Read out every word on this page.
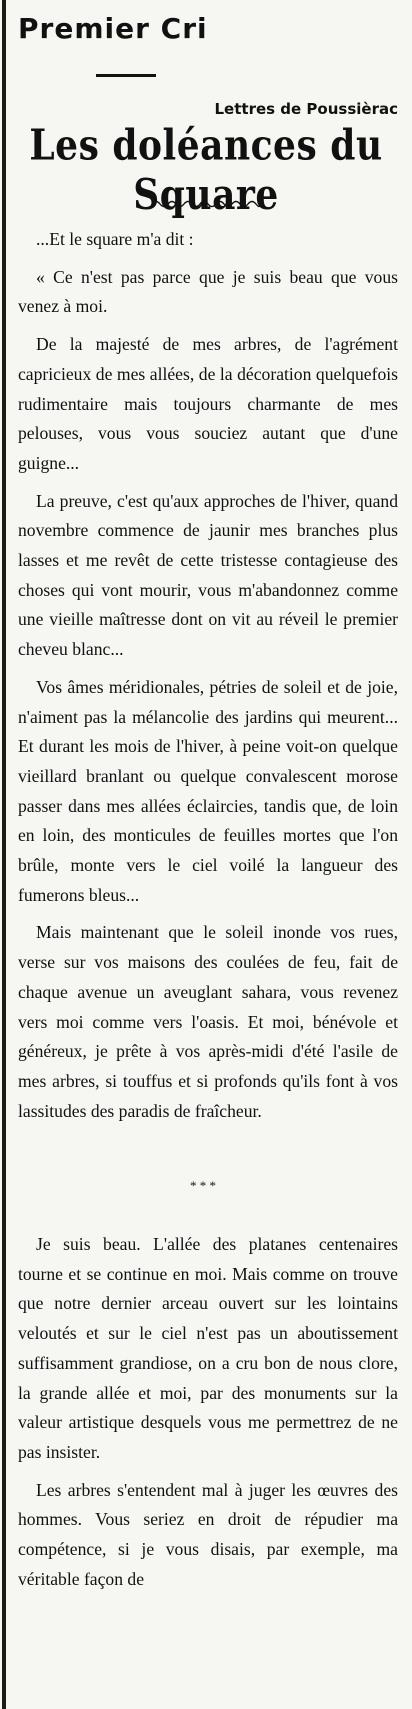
Premier Cri
Lettres de Poussièrac
Les doléances du Square

...Et le square m'a dit :

« Ce n'est pas parce que je suis beau que vous venez à moi.

De la majesté de mes arbres, de l'agrément capricieux de mes allées, de la décoration quelquefois rudimentaire mais toujours charmante de mes pelouses, vous vous souciez autant que d'une guigne...

La preuve, c'est qu'aux approches de l'hiver, quand novembre commence de jaunir mes branches plus lasses et me revêt de cette tristesse contagieuse des choses qui vont mourir, vous m'abandonnez comme une vieille maîtresse dont on vit au réveil le premier cheveu blanc...

Vos âmes méridionales, pétries de soleil et de joie, n'aiment pas la mélancolie des jardins qui meurent... Et durant les mois de l'hiver, à peine voit-on quelque vieillard branlant ou quelque convalescent morose passer dans mes allées éclaircies, tandis que, de loin en loin, des monticules de feuilles mortes que l'on brûle, monte vers le ciel voilé la langueur des fumerons bleus...

Mais maintenant que le soleil inonde vos rues, verse sur vos maisons des coulées de feu, fait de chaque avenue un aveuglant sahara, vous revenez vers moi comme vers l'oasis. Et moi, bénévole et généreux, je prête à vos après-midi d'été l'asile de mes arbres, si touffus et si profonds qu'ils font à vos lassitudes des paradis de fraîcheur.

* * *

Je suis beau. L'allée des platanes centenaires tourne et se continue en moi. Mais comme on trouve que notre dernier arceau ouvert sur les lointains veloutés et sur le ciel n'est pas un aboutissement suffisamment grandiose, on a cru bon de nous clore, la grande allée et moi, par des monuments sur la valeur artistique desquels vous me permettrez de ne pas insister.

Les arbres s'entendent mal à juger les œuvres des hommes. Vous seriez en droit de répudier ma compétence, si je vous disais, par exemple, ma véritable façon de
